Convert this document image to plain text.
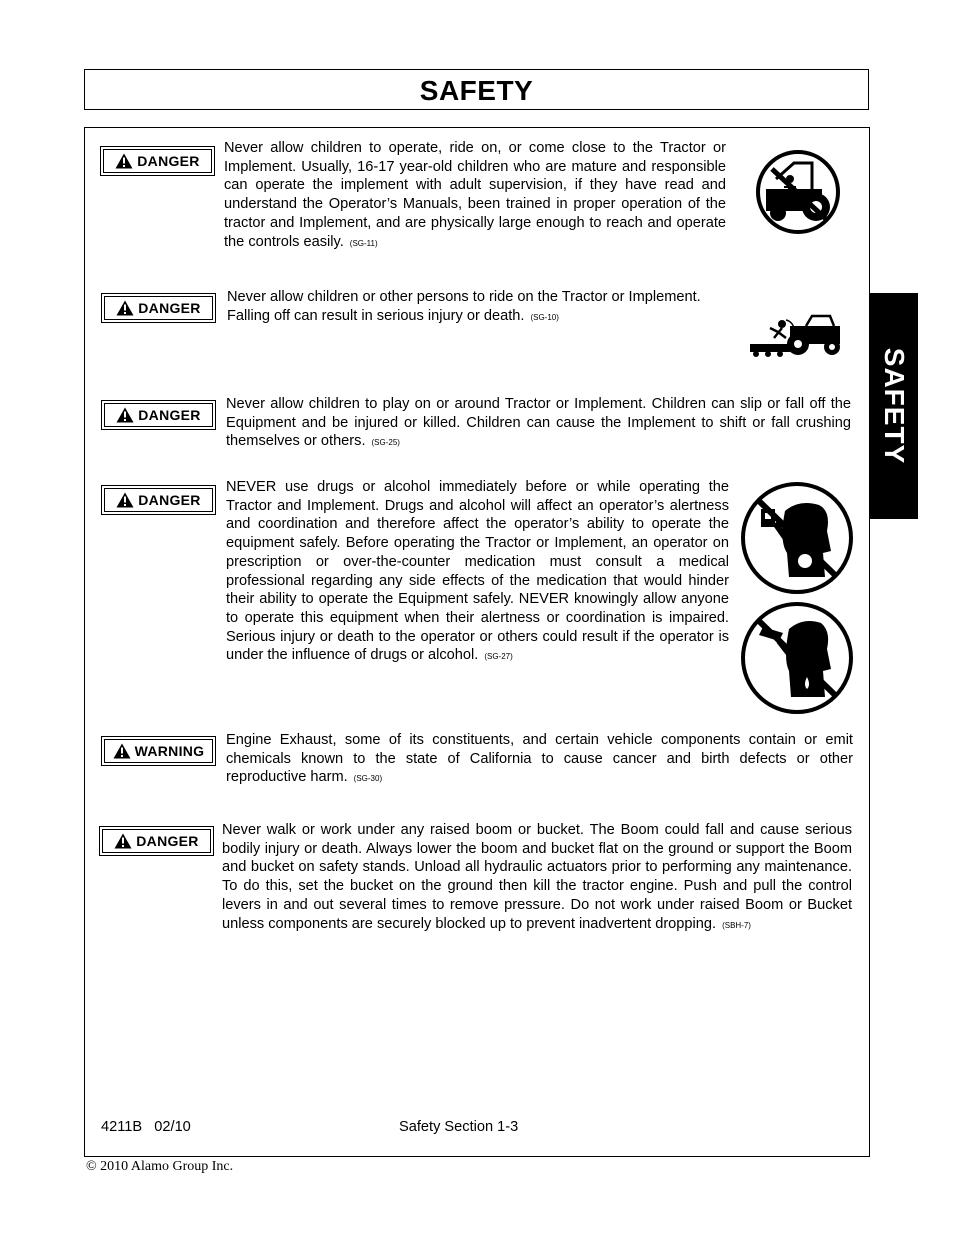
SAFETY
SAFETY
DANGER
Never allow children to operate, ride on, or come close to the Tractor or Implement. Usually, 16-17 year-old children who are mature and responsible can operate the implement with adult supervision, if they have read and understand the Operator’s Manuals, been trained in proper operation of the tractor and Implement, and are physically large enough to reach and operate the controls easily. (SG-11)
DANGER
Never allow children or other persons to ride on the Tractor or Implement. Falling off can result in serious injury or death. (SG-10)
DANGER
Never allow children to play on or around Tractor or Implement. Children can slip or fall off the Equipment and be injured or killed. Children can cause the Implement to shift or fall crushing themselves or others. (SG-25)
DANGER
NEVER use drugs or alcohol immediately before or while operating the Tractor and Implement. Drugs and alcohol will affect an operator’s alertness and coordination and therefore affect the operator’s ability to operate the equipment safely. Before operating the Tractor or Implement, an operator on prescription or over-the-counter medication must consult a medical professional regarding any side effects of the medication that would hinder their ability to operate the Equipment safely. NEVER knowingly allow anyone to operate this equipment when their alertness or coordination is impaired. Serious injury or death to the operator or others could result if the operator is under the influence of drugs or alcohol. (SG-27)
WARNING
Engine Exhaust, some of its constituents, and certain vehicle components contain or emit chemicals known to the state of California to cause cancer and birth defects or other reproductive harm. (SG-30)
DANGER
Never walk or work under any raised boom or bucket. The Boom could fall and cause serious bodily injury or death. Always lower the boom and bucket flat on the ground or support the Boom and bucket on safety stands. Unload all hydraulic actuators prior to performing any maintenance. To do this, set the bucket on the ground then kill the tractor engine. Push and pull the control levers in and out several times to remove pressure. Do not work under raised Boom or Bucket unless components are securely blocked up to prevent inadvertent dropping. (SBH-7)
4211B   02/10	Safety Section 1-3
© 2010 Alamo Group Inc.
